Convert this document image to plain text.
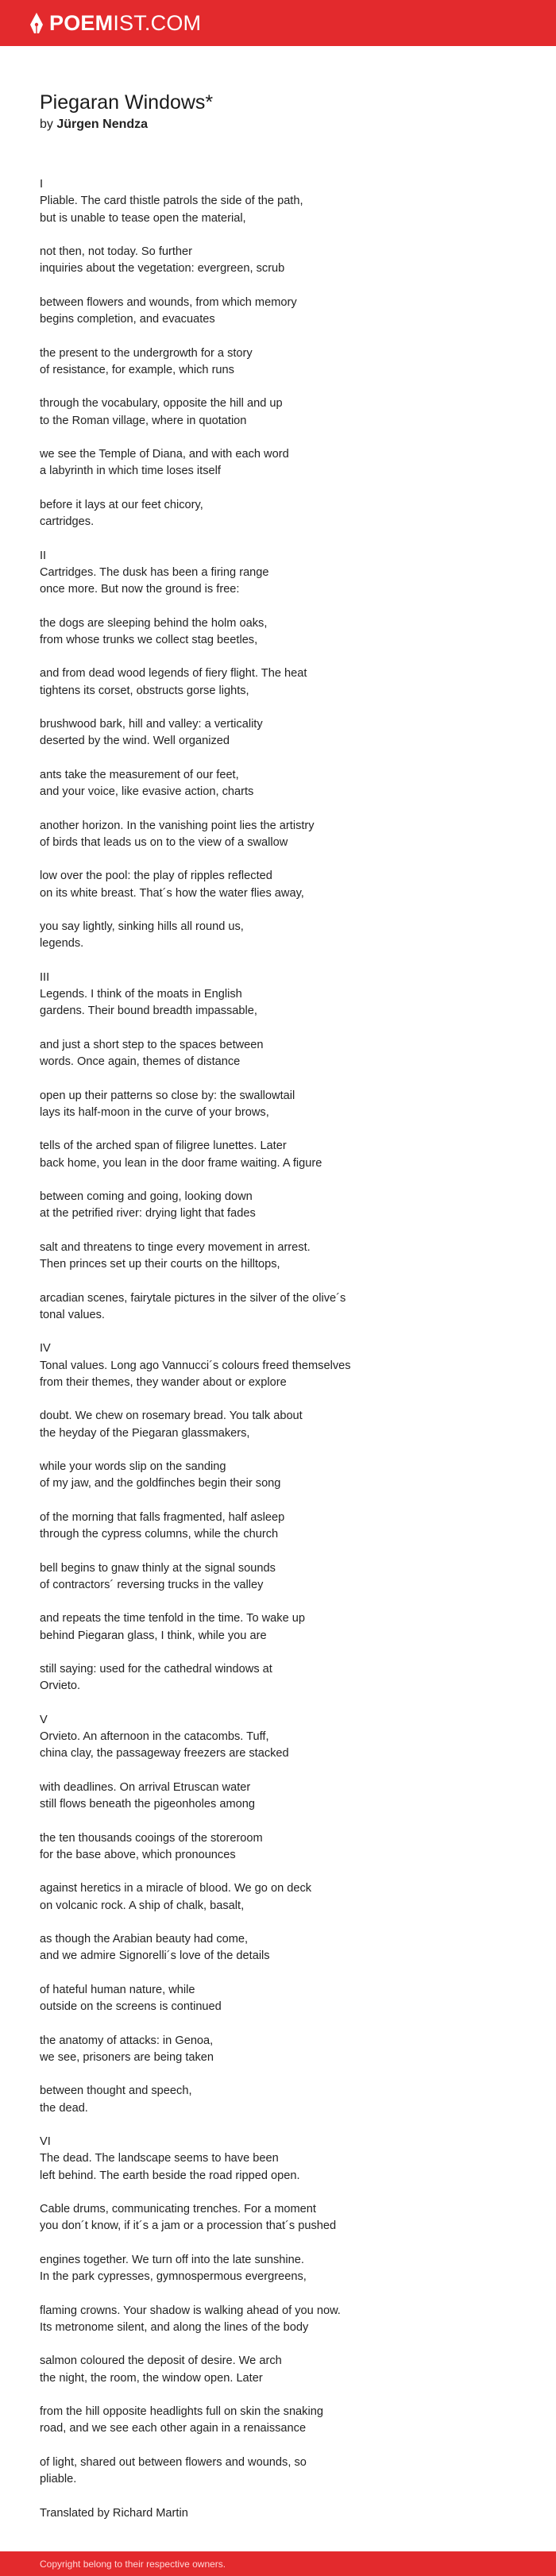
POEMIST.COM
Piegaran Windows*
by Jürgen Nendza
I
Pliable. The card thistle patrols the side of the path,
but is unable to tease open the material,
not then, not today. So further
inquiries about the vegetation: evergreen, scrub
between flowers and wounds, from which memory
begins completion, and evacuates
the present to the undergrowth for a story
of resistance, for example, which runs
through the vocabulary, opposite the hill and up
to the Roman village, where in quotation
we see the Temple of Diana, and with each word
a labyrinth in which time loses itself
before it lays at our feet chicory,
cartridges.
II
Cartridges. The dusk has been a firing range
once more. But now the ground is free:
the dogs are sleeping behind the holm oaks,
from whose trunks we collect stag beetles,
and from dead wood legends of fiery flight. The heat
tightens its corset, obstructs gorse lights,
brushwood bark, hill and valley: a verticality
deserted by the wind. Well organized
ants take the measurement of our feet,
and your voice, like evasive action, charts
another horizon. In the vanishing point lies the artistry
of birds that leads us on to the view of a swallow
low over the pool: the play of ripples reflected
on its white breast. That´s how the water flies away,
you say lightly, sinking hills all round us,
legends.
III
Legends. I think of the moats in English
gardens. Their bound breadth impassable,
and just a short step to the spaces between
words. Once again, themes of distance
open up their patterns so close by: the swallowtail
lays its half-moon in the curve of your brows,
tells of the arched span of filigree lunettes. Later
back home, you lean in the door frame waiting. A figure
between coming and going, looking down
at the petrified river: drying light that fades
salt and threatens to tinge every movement in arrest.
Then princes set up their courts on the hilltops,
arcadian scenes, fairytale pictures in the silver of the olive´s
tonal values.
IV
Tonal values. Long ago Vannucci´s colours freed themselves
from their themes, they wander about or explore
doubt. We chew on rosemary bread. You talk about
the heyday of the Piegaran glassmakers,
while your words slip on the sanding
of my jaw, and the goldfinches begin their song
of the morning that falls fragmented, half asleep
through the cypress columns, while the church
bell begins to gnaw thinly at the signal sounds
of contractors´ reversing trucks in the valley
and repeats the time tenfold in the time. To wake up
behind Piegaran glass, I think, while you are
still saying: used for the cathedral windows at
Orvieto.
V
Orvieto. An afternoon in the catacombs. Tuff,
china clay, the passageway freezers are stacked
with deadlines. On arrival Etruscan water
still flows beneath the pigeonholes among
the ten thousands cooings of the storeroom
for the base above, which pronounces
against heretics in a miracle of blood. We go on deck
on volcanic rock. A ship of chalk, basalt,
as though the Arabian beauty had come,
and we admire Signorelli´s love of the details
of hateful human nature, while
outside on the screens is continued
the anatomy of attacks: in Genoa,
we see, prisoners are being taken
between thought and speech,
the dead.
VI
The dead. The landscape seems to have been
left behind. The earth beside the road ripped open.
Cable drums, communicating trenches. For a moment
you don´t know, if it´s a jam or a procession that´s pushed
engines together. We turn off into the late sunshine.
In the park cypresses, gymnospermous evergreens,
flaming crowns. Your shadow is walking ahead of you now.
Its metronome silent, and along the lines of the body
salmon coloured the deposit of desire. We arch
the night, the room, the window open. Later
from the hill opposite headlights full on skin the snaking
road, and we see each other again in a renaissance
of light, shared out between flowers and wounds, so
pliable.
Translated by Richard Martin
Copyright belong to their respective owners.
